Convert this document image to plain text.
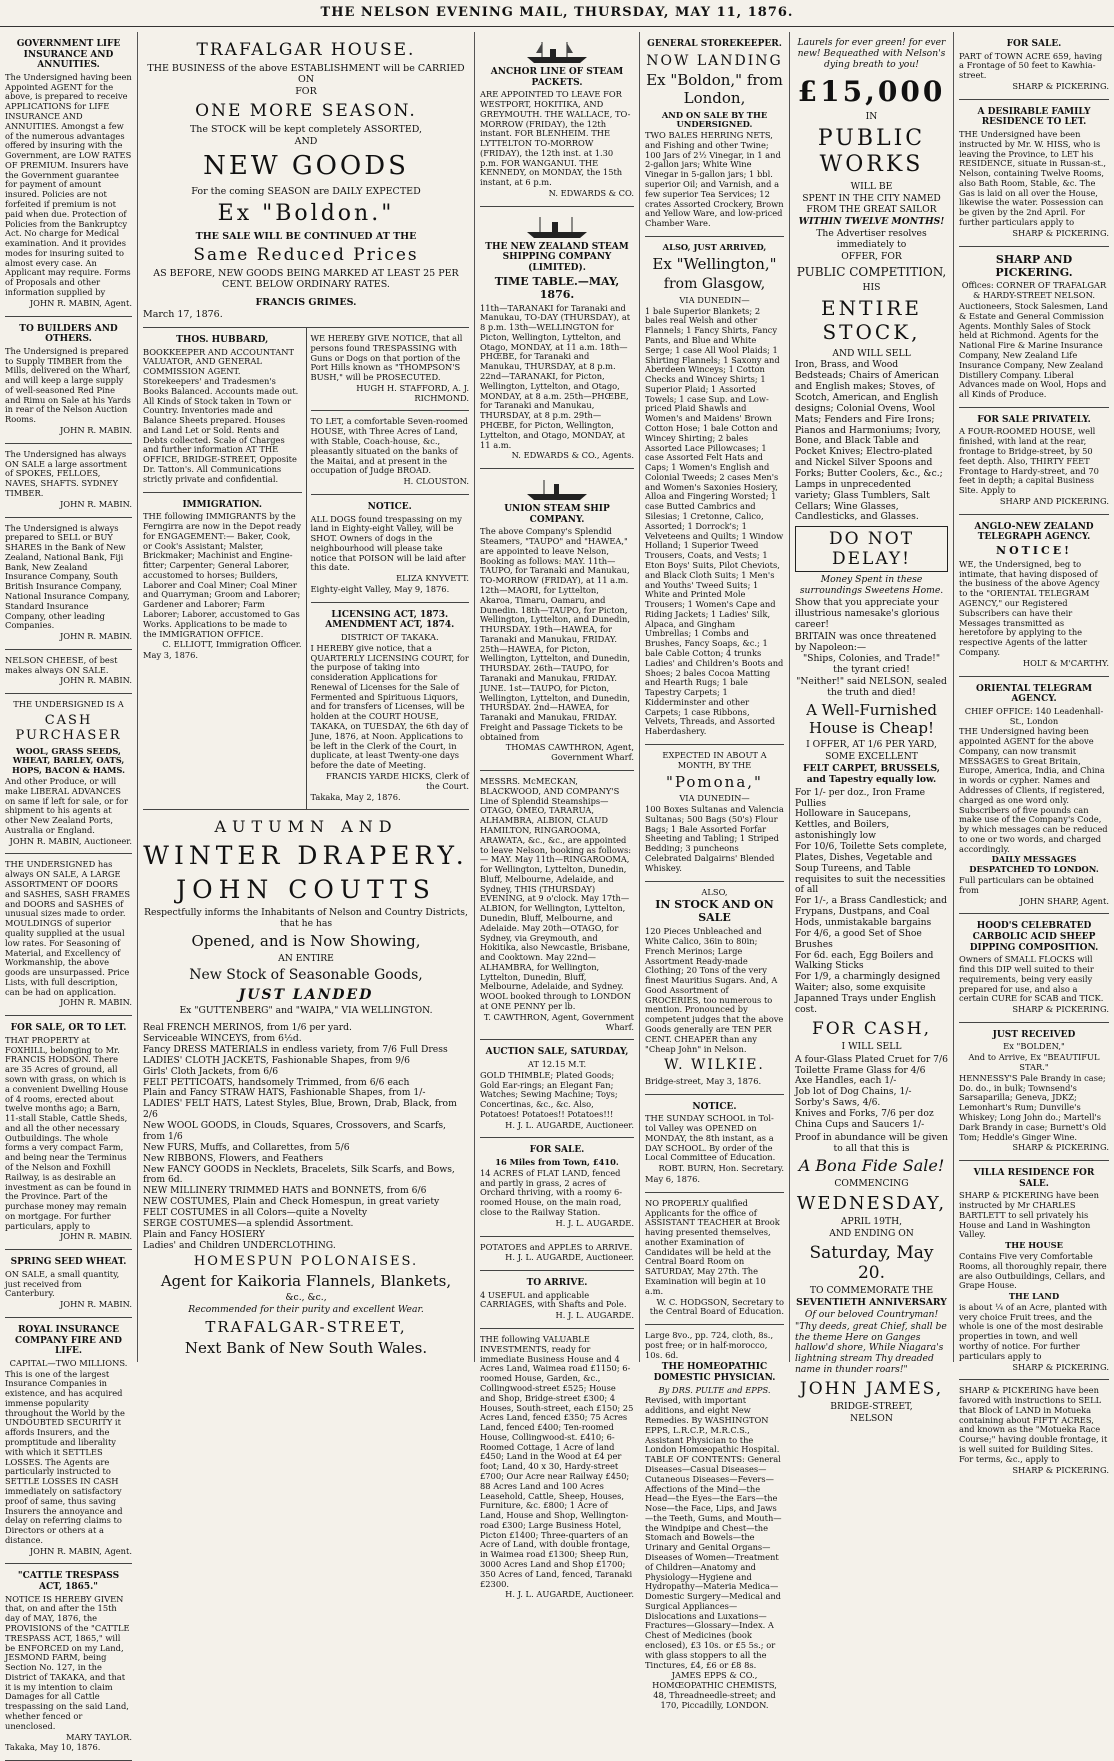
THE NELSON EVENING MAIL, THURSDAY, MAY 11, 1876.
GOVERNMENT LIFE INSURANCE AND ANNUITIES.

The Undersigned having been Appointed AGENT for the above, is prepared to receive APPLICATIONS for LIFE INSURANCE AND ANNUITIES. Amongst a few of the numerous advantages offered by insuring with the Government, are LOW RATES OF PREMIUM. Insurers have the Government guarantee for payment of amount insured. Policies are not forfeited if premium is not paid when due. Protection of Policies from the Bankruptcy Act. No charge for Medical examination. And it provides modes for insuring suited to almost every case. An Applicant may require. Forms of Proposals and other information supplied by

JOHN R. MABIN, Agent.

TO BUILDERS AND OTHERS.

The Undersigned is prepared to Supply TIMBER from the Mills, delivered on the Wharf, and will keep a large supply of well-seasoned Red Pine and Rimu on Sale at his Yards in rear of the Nelson Auction Rooms.

JOHN R. MABIN.

The Undersigned has always ON SALE a large assortment of SPOKES, FELLOES, NAVES, SHAFTS. SYDNEY TIMBER.

JOHN R. MABIN.

The Undersigned is always prepared to SELL or BUY SHARES in the Bank of New Zealand, National Bank, Fiji Bank, New Zealand Insurance Company, South British Insurance Company, National Insurance Company, Standard Insurance Company, other leading Companies.

JOHN R. MABIN.

NELSON CHEESE, of best makes always ON SALE.

JOHN R. MABIN.

THE UNDERSIGNED IS A

CASH PURCHASER

WOOL, GRASS SEEDS, WHEAT, BARLEY, OATS, HOPS, BACON & HAMS.

And other Produce, or will make LIBERAL ADVANCES on same if left for sale, or for shipment to his agents at other New Zealand Ports, Australia or England.

JOHN R. MABIN, Auctioneer.

THE UNDERSIGNED has always ON SALE, A LARGE ASSORTMENT OF DOORS and SASHES, SASH FRAMES and DOORS and SASHES of unusual sizes made to order. MOULDINGS of superior quality supplied at the usual low rates. For Seasoning of Material, and Excellency of Workmanship, the above goods are unsurpassed. Price Lists, with full description, can be had on application.

JOHN R. MABIN.

FOR SALE, OR TO LET.

THAT PROPERTY at FOXHILL, belonging to Mr. FRANCIS HODSON. There are 35 Acres of ground, all sown with grass, on which is a convenient Dwelling House of 4 rooms, erected about twelve months ago; a Barn, 11-stall Stable, Cattle Sheds, and all the other necessary Outbuildings. The whole forms a very compact Farm, and being near the Terminus of the Nelson and Foxhill Railway, is as desirable an investment as can be found in the Province. Part of the purchase money may remain on mortgage. For further particulars, apply to

JOHN R. MABIN.

SPRING SEED WHEAT.

ON SALE, a small quantity, just received from Canterbury.

JOHN R. MABIN.

ROYAL INSURANCE COMPANY FIRE AND LIFE.

CAPITAL—TWO MILLIONS.

This is one of the largest Insurance Companies in existence, and has acquired immense popularity throughout the World by the UNDOUBTED SECURITY it affords Insurers, and the promptitude and liberality with which it SETTLES LOSSES. The Agents are particularly instructed to SETTLE LOSSES IN CASH immediately on satisfactory proof of same, thus saving Insurers the annoyance and delay on referring claims to Directors or others at a distance.

JOHN R. MABIN, Agent.

"CATTLE TRESPASS ACT, 1865."

NOTICE IS HEREBY GIVEN that, on and after the 15th day of MAY, 1876, the PROVISIONS of the "CATTLE TRESPASS ACT, 1865," will be ENFORCED on my Land, JESMOND FARM, being Section No. 127, in the District of TAKAKA, and that it is my intention to claim Damages for all Cattle trespassing on the said Land, whether fenced or unenclosed.

MARY TAYLOR.

Takaka, May 10, 1876.

TRAFALGAR HOUSE.

THE BUSINESS of the above ESTABLISHMENT will be CARRIED ON

FOR

ONE MORE SEASON.

The STOCK will be kept completely ASSORTED,

AND

NEW GOODS

For the coming SEASON are DAILY EXPECTED

Ex "Boldon."

THE SALE WILL BE CONTINUED AT THE

Same Reduced Prices

AS BEFORE, NEW GOODS BEING MARKED AT LEAST 25 PER CENT. BELOW ORDINARY RATES.

FRANCIS GRIMES.

March 17, 1876.

THOS. HUBBARD,

BOOKKEEPER AND ACCOUNTANT VALUATOR, AND GENERAL COMMISSION AGENT. Storekeepers' and Tradesmen's Books Balanced. Accounts made out. All Kinds of Stock taken in Town or Country. Inventories made and Balance Sheets prepared. Houses and Land Let or Sold. Rents and Debts collected. Scale of Charges and further information AT THE OFFICE, BRIDGE-STREET, Opposite Dr. Tatton's. All Communications strictly private and confidential.

IMMIGRATION.

THE following IMMIGRANTS by the Ferngirra are now in the Depot ready for ENGAGEMENT:— Baker, Cook, or Cook's Assistant; Malster, Brickmaker; Machinist and Engine-fitter; Carpenter; General Laborer, accustomed to horses; Builders, Laborer and Coal Miner; Coal Miner and Quarryman; Groom and Laborer; Gardener and Laborer; Farm Laborer; Laborer, accustomed to Gas Works. Applications to be made to the IMMIGRATION OFFICE.

C. ELLIOTT, Immigration Officer.

May 3, 1876.

WE HEREBY GIVE NOTICE, that all persons found TRESPASSING with Guns or Dogs on that portion of the Port Hills known as "THOMPSON'S BUSH," will be PROSECUTED.

HUGH H. STAFFORD, A. J. RICHMOND.

TO LET, a comfortable Seven-roomed HOUSE, with Three Acres of Land, with Stable, Coach-house, &c., pleasantly situated on the banks of the Maitai, and at present in the occupation of Judge BROAD.

H. CLOUSTON.

NOTICE.

ALL DOGS found trespassing on my land in Eighty-eight Valley, will be SHOT. Owners of dogs in the neighbourhood will please take notice that POISON will be laid after this date.

ELIZA KNYVETT.

Eighty-eight Valley, May 9, 1876.

LICENSING ACT, 1873. AMENDMENT ACT, 1874.

DISTRICT OF TAKAKA.

I HEREBY give notice, that a QUARTERLY LICENSING COURT, for the purpose of taking into consideration Applications for Renewal of Licenses for the Sale of Fermented and Spirituous Liquors, and for transfers of Licenses, will be holden at the COURT HOUSE, TAKAKA, on TUESDAY, the 6th day of June, 1876, at Noon. Applications to be left in the Clerk of the Court, in duplicate, at least Twenty-one days before the date of Meeting.

FRANCIS YARDE HICKS, Clerk of the Court.

Takaka, May 2, 1876.

AUTUMN AND
WINTER DRAPERY.
JOHN COUTTS

Respectfully informs the Inhabitants of Nelson and Country Districts, that he has

Opened, and is Now Showing,

AN ENTIRE

New Stock of Seasonable Goods,
JUST LANDED

Ex "GUTTENBERG" and "WAIPA," VIA WELLINGTON.

Real FRENCH MERINOS, from 1/6 per yard.
Serviceable WINCEYS, from 6½d.
Fancy DRESS MATERIALS in endless variety, from 7/6 Full Dress
LADIES' CLOTH JACKETS, Fashionable Shapes, from 9/6
Girls' Cloth Jackets, from 6/6
FELT PETTICOATS, handsomely Trimmed, from 6/6 each
Plain and Fancy STRAW HATS, Fashionable Shapes, from 1/-
LADIES' FELT HATS, Latest Styles, Blue, Brown, Drab, Black, from 2/6
New WOOL GOODS, in Clouds, Squares, Crossovers, and Scarfs, from 1/6
New FURS, Muffs, and Collarettes, from 5/6
New RIBBONS, Flowers, and Feathers
New FANCY GOODS in Necklets, Bracelets, Silk Scarfs, and Bows, from 6d.
NEW MILLINERY TRIMMED HATS and BONNETS, from 6/6
NEW COSTUMES, Plain and Check Homespun, in great variety
FELT COSTUMES in all Colors—quite a Novelty
SERGE COSTUMES—a splendid Assortment.
Plain and Fancy HOSIERY
Ladies' and Children UNDERCLOTHING.
HOMESPUN POLONAISES.
Agent for Kaikoria Flannels, Blankets,

&c., &c.,

Recommended for their purity and excellent Wear.

TRAFALGAR-STREET,
Next Bank of New South Wales.
ANCHOR LINE OF STEAM PACKETS.

ARE APPOINTED TO LEAVE FOR WESTPORT, HOKITIKA, AND GREYMOUTH. THE WALLACE, TO-MORROW (FRIDAY), the 12th instant. FOR BLENHEIM. THE LYTTELTON TO-MORROW (FRIDAY), the 12th inst. at 1.30 p.m. FOR WANGANUI. THE KENNEDY, on MONDAY, the 15th instant, at 6 p.m.

N. EDWARDS & CO.

THE NEW ZEALAND STEAM SHIPPING COMPANY (LIMITED).
TIME TABLE.—MAY, 1876.

11th—TARANAKI for Taranaki and Manukau, TO-DAY (THURSDAY), at 8 p.m. 13th—WELLINGTON for Picton, Wellington, Lyttelton, and Otago, MONDAY, at 11 a.m. 18th—PHŒBE, for Taranaki and Manukau, THURSDAY, at 8 p.m. 22nd—TARANAKI, for Picton, Wellington, Lyttelton, and Otago, MONDAY, at 8 a.m. 25th—PHŒBE, for Taranaki and Manukau, THURSDAY, at 8 p.m. 29th—PHŒBE, for Picton, Wellington, Lyttelton, and Otago, MONDAY, at 11 a.m.

N. EDWARDS & CO., Agents.

UNION STEAM SHIP COMPANY.

The above Company's Splendid Steamers, "TAUPO" and "HAWEA," are appointed to leave Nelson, Booking as follows: MAY. 11th—TAUPO, for Taranaki and Manukau, TO-MORROW (FRIDAY), at 11 a.m. 12th—MAORI, for Lyttelton, Akaroa, Timaru, Oamaru, and Dunedin. 18th—TAUPO, for Picton, Wellington, Lyttelton, and Dunedin, THURSDAY. 19th—HAWEA, for Taranaki and Manukau, FRIDAY. 25th—HAWEA, for Picton, Wellington, Lyttelton, and Dunedin, THURSDAY. 26th—TAUPO, for Taranaki and Manukau, FRIDAY. JUNE. 1st—TAUPO, for Picton, Wellington, Lyttelton, and Dunedin, THURSDAY. 2nd—HAWEA, for Taranaki and Manukau, FRIDAY. Freight and Passage Tickets to be obtained from

THOMAS CAWTHRON, Agent, Government Wharf.

MESSRS. McMECKAN, BLACKWOOD, AND COMPANY'S Line of Splendid Steamships—OTAGO, OMEO, TARARUA, ALHAMBRA, ALBION, CLAUD HAMILTON, RINGAROOMA, ARAWATA, &c., &c., are appointed to leave Nelson, booking as follows:— MAY. May 11th—RINGAROOMA, for Wellington, Lyttelton, Dunedin, Bluff, Melbourne, Adelaide, and Sydney, THIS (THURSDAY) EVENING, at 9 o'clock. May 17th—ALBION, for Wellington, Lyttelton, Dunedin, Bluff, Melbourne, and Adelaide. May 20th—OTAGO, for Sydney, via Greymouth, and Hokitika, also Newcastle, Brisbane, and Cooktown. May 22nd—ALHAMBRA, for Wellington, Lyttelton, Dunedin, Bluff, Melbourne, Adelaide, and Sydney. WOOL booked through to LONDON at ONE PENNY per lb.

T. CAWTHRON, Agent, Government Wharf.

AUCTION SALE, SATURDAY,

AT 12.15 M.T.

GOLD THIMBLE; Plated Goods; Gold Ear-rings; an Elegant Fan; Watches; Sewing Machine; Toys; Concertinas, &c., &c. Also, Potatoes! Potatoes!! Potatoes!!!

H. J. L. AUGARDE, Auctioneer.

FOR SALE.

16 Miles from Town, £410.

14 ACRES of FLAT LAND, fenced and partly in grass, 2 acres of Orchard thriving, with a roomy 6-roomed House, on the main road, close to the Railway Station.

H. J. L. AUGARDE.

POTATOES and APPLES to ARRIVE.

H. J. L. AUGARDE, Auctioneer.

TO ARRIVE.

4 USEFUL and applicable CARRIAGES, with Shafts and Pole.

H. J. L. AUGARDE.

THE following VALUABLE INVESTMENTS, ready for immediate Business House and 4 Acres Land, Waimea road £1150; 6-roomed House, Garden, &c., Collingwood-street £525; House and Shop, Bridge-street £300; 4 Houses, South-street, each £150; 25 Acres Land, fenced £350; 75 Acres Land, fenced £400; Ten-roomed House, Collingwood-st. £410; 6-Roomed Cottage, 1 Acre of land £450; Land in the Wood at £4 per foot; Land, 40 x 30, Hardy-street £700; Our Acre near Railway £450; 88 Acres Land and 100 Acres Leasehold, Cattle, Sheep, Houses, Furniture, &c. £800; 1 Acre of Land, House and Shop, Wellington-road £300; Large Business Hotel, Picton £1400; Three-quarters of an Acre of Land, with double frontage, in Waimea road £1300; Sheep Run, 3000 Acres Land and Shop £1700; 350 Acres of Land, fenced, Taranaki £2300.

H. J. L. AUGARDE, Auctioneer.

GENERAL STOREKEEPER.
NOW LANDING
Ex "Boldon," from London,

AND ON SALE BY THE UNDERSIGNED.

TWO BALES HERRING NETS, and Fishing and other Twine; 100 Jars of 2½ Vinegar, in 1 and 2-gallon jars; White Wine Vinegar in 5-gallon jars; 1 bbl. superior Oil; and Varnish, and a few superior Tea Services; 12 crates Assorted Crockery, Brown and Yellow Ware, and low-priced Chamber Ware.

ALSO, JUST ARRIVED,

Ex "Wellington,"
from Glasgow,

VIA DUNEDIN—

1 bale Superior Blankets; 2 bales real Welsh and other Flannels; 1 Fancy Shirts, Fancy Pants, and Blue and White Serge; 1 case All Wool Plaids; 1 Shirting Flannels; 1 Saxony and Aberdeen Winceys; 1 Cotton Checks and Wincey Shirts; 1 Superior Plaid; 1 Assorted Towels; 1 case Sup. and Low-priced Plaid Shawls and Women's and Maidens' Brown Cotton Hose; 1 bale Cotton and Wincey Shirting; 2 bales Assorted Lace Pillowcases; 1 case Assorted Felt Hats and Caps; 1 Women's English and Colonial Tweeds; 2 cases Men's and Women's Saxonies Hosiery, Alloa and Fingering Worsted; 1 case Butted Cambrics and Silesias; 1 Cretonne, Calico, Assorted; 1 Dorrock's; 1 Velveteens and Quilts; 1 Window Holland; 1 Superior Tweed Trousers, Coats, and Vests; 1 Eton Boys' Suits, Pilot Cheviots, and Black Cloth Suits; 1 Men's and Youths' Tweed Suits; 1 White and Printed Mole Trousers; 1 Women's Cape and Riding Jackets; 1 Ladies' Silk, Alpaca, and Gingham Umbrellas; 1 Combs and Brushes, Fancy Soaps, &c.; 1 bale Cable Cotton; 4 trunks Ladies' and Children's Boots and Shoes; 2 bales Cocoa Matting and Hearth Rugs; 1 bale Tapestry Carpets; 1 Kidderminster and other Carpets; 1 case Ribbons, Velvets, Threads, and Assorted Haberdashery.

EXPECTED IN ABOUT A MONTH, BY THE

"Pomona,"

VIA DUNEDIN—

100 Boxes Sultanas and Valencia Sultanas; 500 Bags (50's) Flour Bags; 1 Bale Assorted Forfar Sheeting and Tabling; 1 Striped Bedding; 3 puncheons Celebrated Dalgairns' Blended Whiskey.

ALSO,

IN STOCK AND ON SALE

120 Pieces Unbleached and White Calico, 36in to 80in; French Merinos; Large Assortment Ready-made Clothing; 20 Tons of the very finest Mauritius Sugars. And, A Good Assortment of GROCERIES, too numerous to mention. Pronounced by competent judges that the above Goods generally are TEN PER CENT. CHEAPER than any "Cheap John" in Nelson.

W. WILKIE.

Bridge-street, May 3, 1876.

NOTICE.

THE SUNDAY SCHOOL in Tol-tol Valley was OPENED on MONDAY, the 8th instant, as a DAY SCHOOL. By order of the Local Committee of Education.

ROBT. BURN, Hon. Secretary.

May 6, 1876.

NO PROPERLY qualified Applicants for the office of ASSISTANT TEACHER at Brook having presented themselves, another Examination of Candidates will be held at the Central Board Room on SATURDAY, May 27th. The Examination will begin at 10 a.m.

W. C. HODGSON, Secretary to the Central Board of Education.

Large 8vo., pp. 724, cloth, 8s., post free; or in half-morocco, 10s. 6d.

THE HOMEOPATHIC DOMESTIC PHYSICIAN.

By DRS. PULTE and EPPS.

Revised, with important additions, and eight New Remedies. By WASHINGTON EPPS, L.R.C.P., M.R.C.S., Assistant Physician to the London Homœopathic Hospital. TABLE OF CONTENTS: General Diseases—Casual Diseases—Cutaneous Diseases—Fevers—Affections of the Mind—the Head—the Eyes—the Ears—the Nose—the Face, Lips, and Jaws—the Teeth, Gums, and Mouth—the Windpipe and Chest—the Stomach and Bowels—the Urinary and Genital Organs—Diseases of Women—Treatment of Children—Anatomy and Physiology—Hygiene and Hydropathy—Materia Medica—Domestic Surgery—Medical and Surgical Appliances—Dislocations and Luxations—Fractures—Glossary—Index. A Chest of Medicines (book enclosed), £3 10s. or £5 5s.; or with glass stoppers to all the Tinctures, £4, £6 or £8 8s.

JAMES EPPS & CO., HOMŒOPATHIC CHEMISTS, 48, Threadneedle-street; and 170, Piccadilly, LONDON.

Laurels for ever green! for ever new! Bequeathed with Nelson's dying breath to you!

£15,000

IN

PUBLIC WORKS

WILL BE

SPENT IN THE CITY NAMED FROM THE GREAT SAILOR

WITHIN TWELVE MONTHS!

The Advertiser resolves immediately to

OFFER, FOR

PUBLIC COMPETITION,

HIS

ENTIRE STOCK,

AND WILL SELL

Iron, Brass, and Wood Bedsteads; Chairs of American and English makes; Stoves, of Scotch, American, and English designs; Colonial Ovens, Wool Mats; Fenders and Fire Irons; Pianos and Harmoniums; Ivory, Bone, and Black Table and Pocket Knives; Electro-plated and Nickel Silver Spoons and Forks; Butter Coolers, &c., &c.; Lamps in unprecedented variety; Glass Tumblers, Salt Cellars; Wine Glasses, Candlesticks, and Glasses.

DO NOT DELAY!

Money Spent in these surroundings Sweetens Home.

Show that you appreciate your illustrious namesake's glorious career!

BRITAIN was once threatened by Napoleon:—

"Ships, Colonies, and Trade!" the tyrant cried!

"Neither!" said NELSON, sealed the truth and died!

A Well-Furnished House is Cheap!

I OFFER, AT 1/6 PER YARD,

SOME EXCELLENT

FELT CARPET, BRUSSELS, and Tapestry equally low.

For 1/- per doz., Iron Frame Pullies
Holloware in Saucepans, Kettles, and Boilers, astonishingly low
For 10/6, Toilette Sets complete, Plates, Dishes, Vegetable and Soup Tureens, and Table requisites to suit the necessities of all
For 1/-, a Brass Candlestick; and Frypans, Dustpans, and Coal Hods, unmistakable bargains
For 4/6, a good Set of Shoe Brushes
For 6d. each, Egg Boilers and Walking Sticks
For 1/9, a charmingly designed Waiter; also, some exquisite Japanned Trays under English cost.
FOR CASH,

I WILL SELL

A four-Glass Plated Cruet for 7/6
Toilette Frame Glass for 4/6
Axe Handles, each 1/-
Job lot of Dog Chains, 1/-
Sorby's Saws, 4/6.
Knives and Forks, 7/6 per doz
China Cups and Saucers 1/-

Proof in abundance will be given to all that this is

A Bona Fide Sale!

COMMENCING

WEDNESDAY,

APRIL 19TH,

AND ENDING ON

Saturday, May 20.

TO COMMEMORATE THE

SEVENTIETH ANNIVERSARY

Of our beloved Countryman!

"Thy deeds, great Chief, shall be the theme Here on Ganges hallow'd shore, While Niagara's lightning stream Thy dreaded name in thunder roars!"

JOHN JAMES,

BRIDGE-STREET,

NELSON

FOR SALE.

PART of TOWN ACRE 659, having a Frontage of 50 feet to Kawhia-street.

SHARP & PICKERING.

A DESIRABLE FAMILY RESIDENCE TO LET.

THE Undersigned have been instructed by Mr. W. HISS, who is leaving the Province, to LET his RESIDENCE, situate in Russan-st., Nelson, containing Twelve Rooms, also Bath Room, Stable, &c. The Gas is laid on all over the House, likewise the water. Possession can be given by the 2nd April. For further particulars apply to

SHARP & PICKERING.

SHARP AND PICKERING.

Offices: CORNER OF TRAFALGAR & HARDY-STREET NELSON.

Auctioneers, Stock Salesmen, Land & Estate and General Commission Agents. Monthly Sales of Stock held at Richmond. Agents for the National Fire & Marine Insurance Company, New Zealand Life Insurance Company, New Zealand Distillery Company. Liberal Advances made on Wool, Hops and all Kinds of Produce.

FOR SALE PRIVATELY.

A FOUR-ROOMED HOUSE, well finished, with land at the rear, frontage to Bridge-street, by 50 feet depth. Also, THIRTY FEET Frontage to Hardy-street, and 70 feet in depth; a capital Business Site. Apply to

SHARP AND PICKERING.

ANGLO-NEW ZEALAND TELEGRAPH AGENCY.
NOTICE!

WE, the Undersigned, beg to intimate, that having disposed of the business of the above Agency to the "ORIENTAL TELEGRAM AGENCY," our Registered Subscribers can have their Messages transmitted as heretofore by applying to the respective Agents of the latter Company.

HOLT & M'CARTHY.

ORIENTAL TELEGRAM AGENCY.

CHIEF OFFICE: 140 Leadenhall-St., London

THE Undersigned having been appointed AGENT for the above Company, can now transmit MESSAGES to Great Britain, Europe, America, India, and China in words or cypher. Names and Addresses of Clients, if registered, charged as one word only. Subscribers of five pounds can make use of the Company's Code, by which messages can be reduced to one or two words, and charged accordingly.

DAILY MESSAGES DESPATCHED TO LONDON.

Full particulars can be obtained from

JOHN SHARP, Agent.

HOOD'S CELEBRATED CARBOLIC ACID SHEEP DIPPING COMPOSITION.

Owners of SMALL FLOCKS will find this DIP well suited to their requirements, being very easily prepared for use, and also a certain CURE for SCAB and TICK.

SHARP & PICKERING.

JUST RECEIVED

Ex "BOLDEN,"

And to Arrive, Ex "BEAUTIFUL STAR."

HENNESSY'S Pale Brandy in case; Do. do., in bulk; Townsend's Sarsaparilla; Geneva, JDKZ; Lemonhart's Rum; Dunville's Whiskey; Long John do.; Martell's Dark Brandy in case; Burnett's Old Tom; Heddle's Ginger Wine.

SHARP & PICKERING.

VILLA RESIDENCE FOR SALE.

SHARP & PICKERING have been instructed by Mr CHARLES BARTLETT to sell privately his House and Land in Washington Valley.

THE HOUSE

Contains Five very Comfortable Rooms, all thoroughly repair, there are also Outbuildings, Cellars, and Grape House.

THE LAND

is about ¼ of an Acre, planted with very choice Fruit trees, and the whole is one of the most desirable properties in town, and well worthy of notice. For further particulars apply to

SHARP & PICKERING.

SHARP & PICKERING have been favored with instructions to SELL that Block of LAND in Motueka containing about FIFTY ACRES, and known as the "Motueka Race Course;" having double frontage, it is well suited for Building Sites. For terms, &c., apply to

SHARP & PICKERING.
